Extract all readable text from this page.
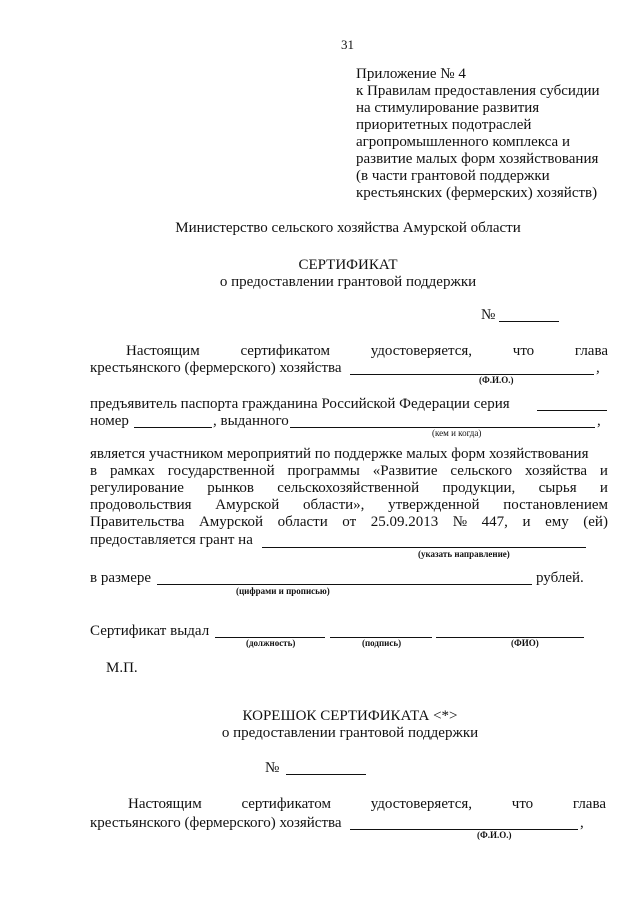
31
Приложение № 4
к Правилам предоставления субсидии
на стимулирование развития
приоритетных подотраслей
агропромышленного комплекса и
развитие малых форм хозяйствования
(в части грантовой поддержки
крестьянских (фермерских) хозяйств)
Министерство сельского хозяйства Амурской области
СЕРТИФИКАТ
о предоставлении грантовой поддержки
№
Настоящим	сертификатом	удостоверяется,	что	глава
крестьянского (фермерского) хозяйства	,
(Ф.И.О.)
предъявитель паспорта гражданина Российской Федерации серия
номер	, выданного	,
(кем и когда)
является участником мероприятий по поддержке малых форм хозяйствования
в рамках государственной программы «Развитие сельского хозяйства и
регулирование рынков сельскохозяйственной продукции, сырья и
продовольствия Амурской области», утвержденной постановлением
Правительства Амурской области от 25.09.2013 № 447, и ему (ей)
предоставляется грант на
(указать направление)
в размере	рублей.
(цифрами и прописью)
Сертификат выдал
(должность)	(подпись)	(ФИО)
М.П.
КОРЕШОК СЕРТИФИКАТА <*>
о предоставлении грантовой поддержки
№
Настоящим	сертификатом	удостоверяется,	что	глава
крестьянского (фермерского) хозяйства	,
(Ф.И.О.)
